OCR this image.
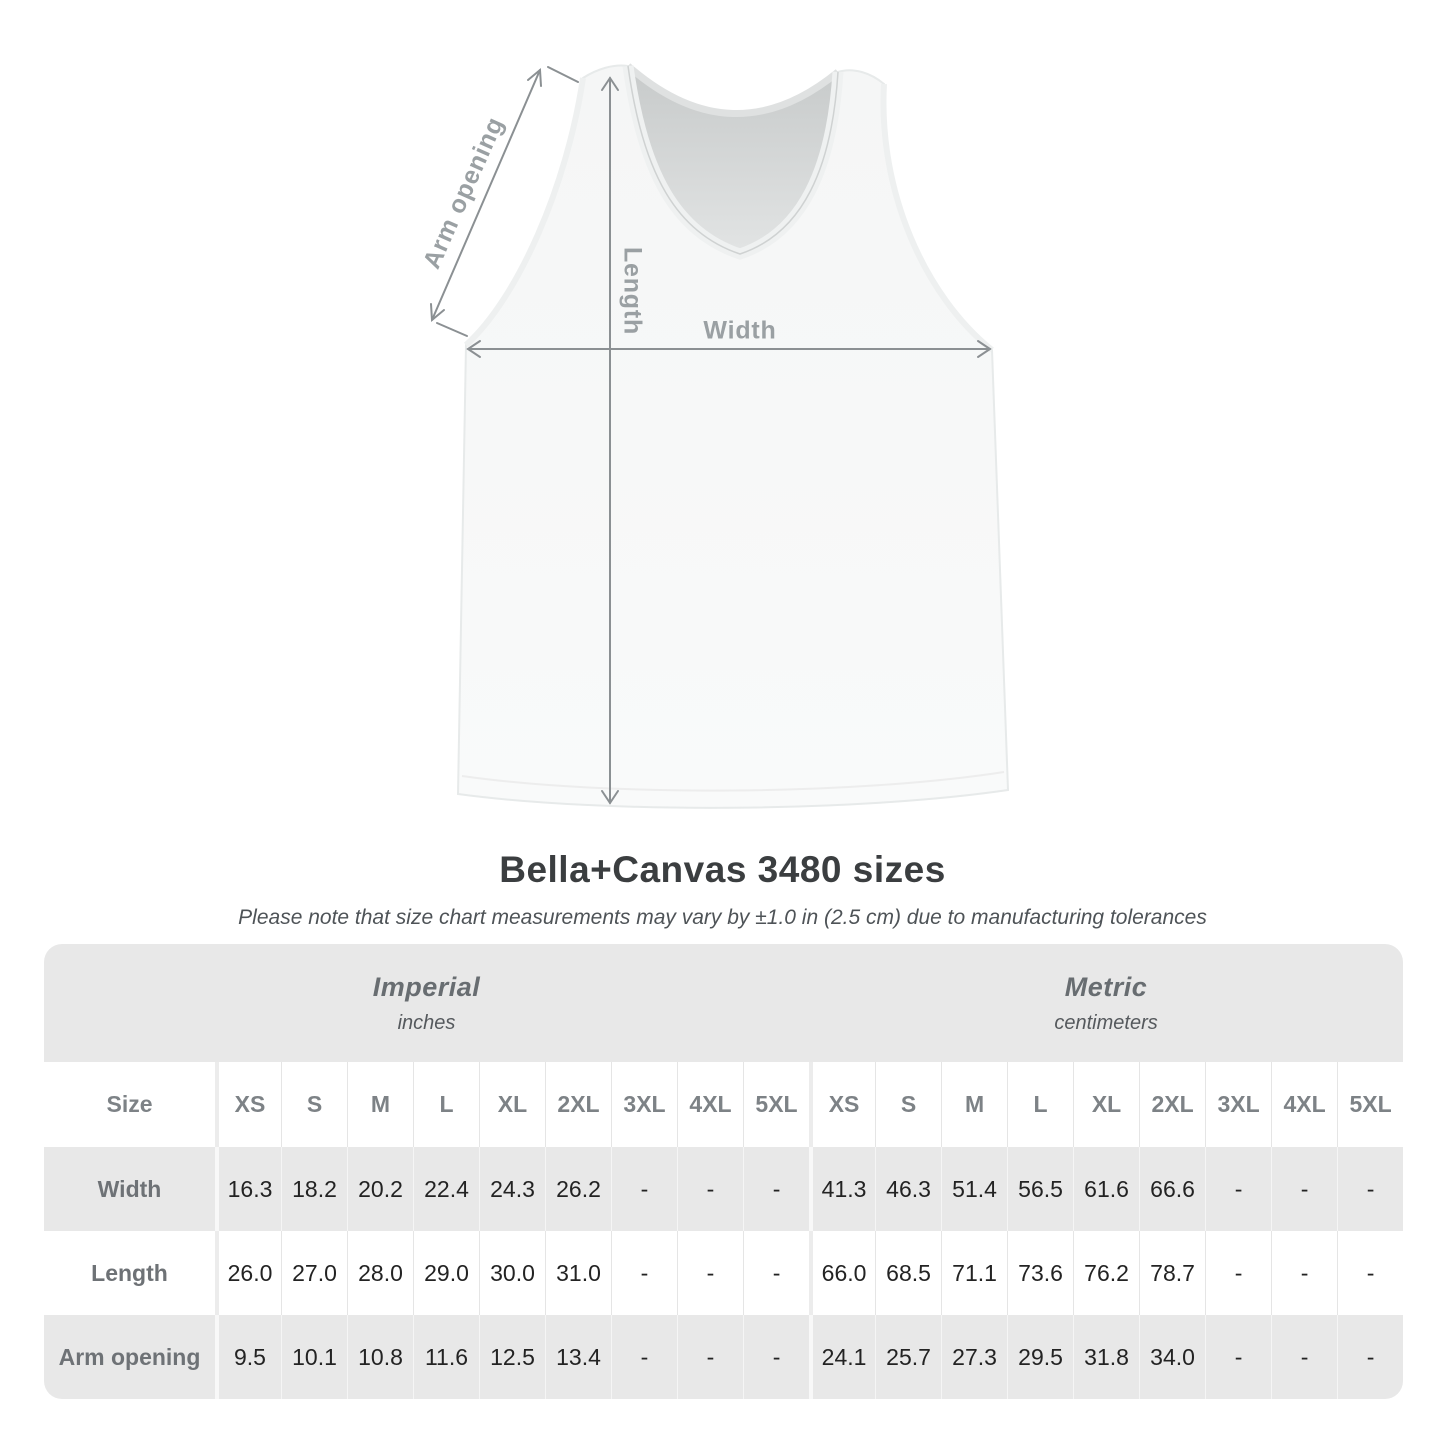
Arm opening
Length Width
Bella+Canvas 3480 sizes
Please note that size chart measurements may vary by ±1.0 in (2.5 cm) due to manufacturing tolerances
Imperial
inches

Metric
centimeters

Size	XS	S	M	L	XL	2XL	3XL	4XL	5XL	XS	S	M	L	XL	2XL	3XL	4XL	5XL
Width	16.3	18.2	20.2	22.4	24.3	26.2	-	-	-	41.3	46.3	51.4	56.5	61.6	66.6	-	-	-
Length	26.0	27.0	28.0	29.0	30.0	31.0	-	-	-	66.0	68.5	71.1	73.6	76.2	78.7	-	-	-
Arm opening	9.5	10.1	10.8	11.6	12.5	13.4	-	-	-	24.1	25.7	27.3	29.5	31.8	34.0	-	-	-
